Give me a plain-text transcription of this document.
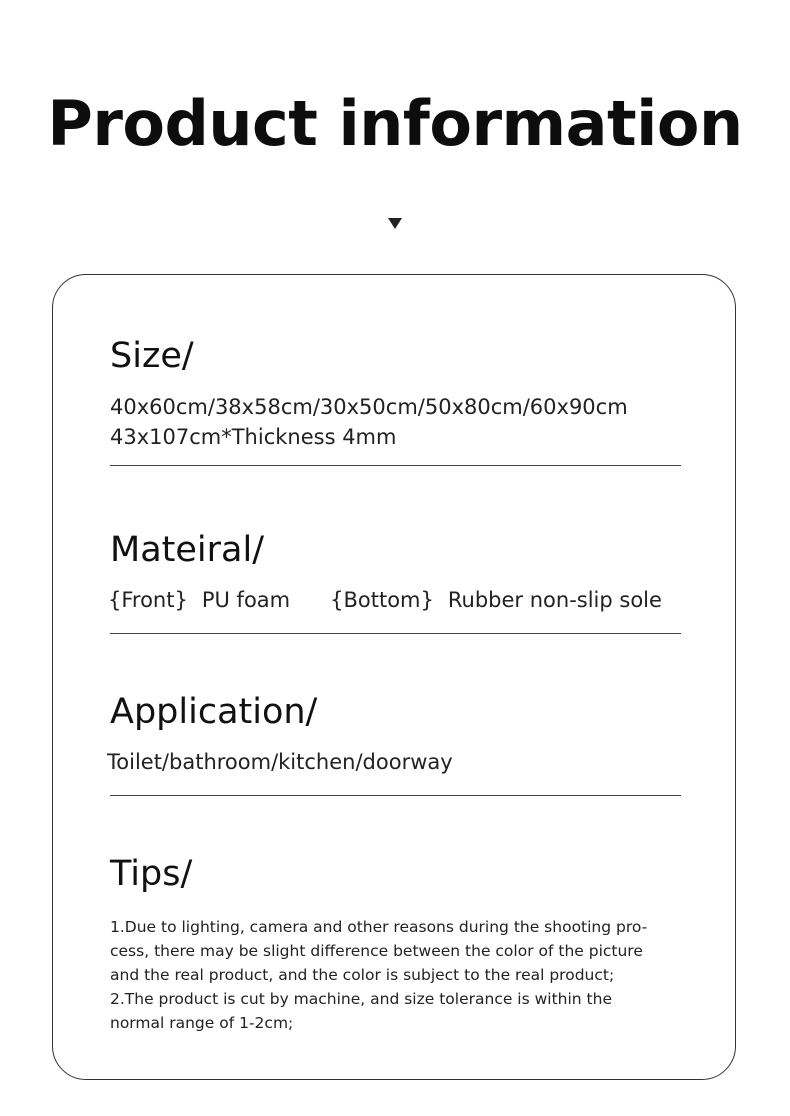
Product information
Size/
40x60cm/38x58cm/30x50cm/50x80cm/60x90cm
43x107cm*Thickness 4mm
Mateiral/
{Front} PU foam {Bottom} Rubber non-slip sole
Application/
Toilet/bathroom/kitchen/doorway
Tips/
1.Due to lighting, camera and other reasons during the shooting pro-
cess, there may be slight difference between the color of the picture
and the real product, and the color is subject to the real product;
2.The product is cut by machine, and size tolerance is within the
normal range of 1-2cm;
